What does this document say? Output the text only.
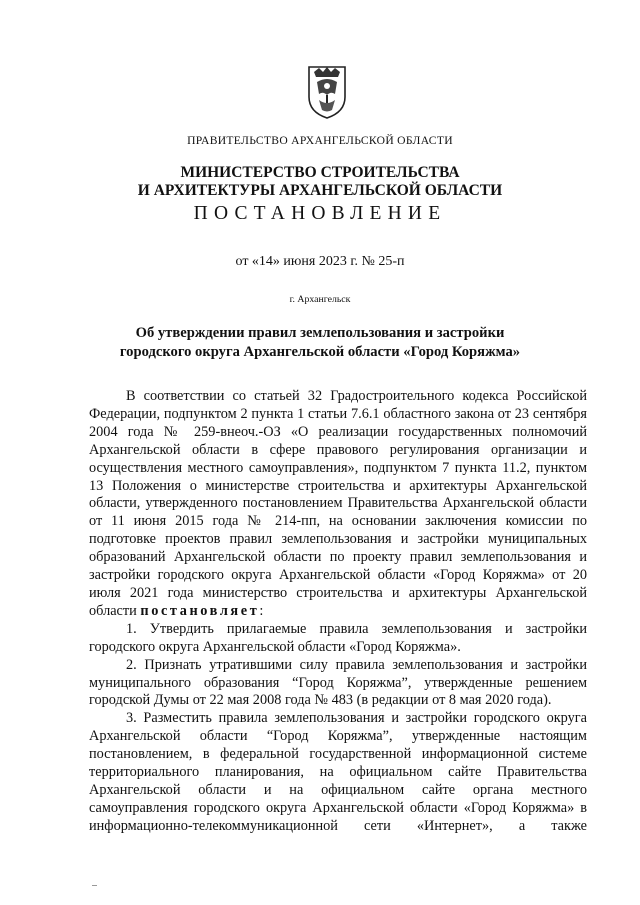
ПРАВИТЕЛЬСТВО АРХАНГЕЛЬСКОЙ ОБЛАСТИ
МИНИСТЕРСТВО СТРОИТЕЛЬСТВА
И АРХИТЕКТУРЫ АРХАНГЕЛЬСКОЙ ОБЛАСТИ
ПОСТАНОВЛЕНИЕ
от «14» июня 2023 г. № 25-п
г. Архангельск
Об утверждении правил землепользования и застройки
городского округа Архангельской области «Город Коряжма»

В соответствии со статьей 32 Градостроительного кодекса Российской Федерации, подпунктом 2 пункта 1 статьи 7.6.1 областного закона от 23 сентября 2004 года № 259-внеоч.-ОЗ «О реализации государственных полномочий Архангельской области в сфере правового регулирования организации и осуществления местного самоуправления», подпунктом 7 пункта 11.2, пунктом 13 Положения о министерстве строительства и архитектуры Архангельской области, утвержденного постановлением Правительства Архангельской области от 11 июня 2015 года № 214-пп, на основании заключения комиссии по подготовке проектов правил землепользования и застройки муниципальных образований Архангельской области по проекту правил землепользования и застройки городского округа Архангельской области «Город Коряжма» от 20 июля 2021 года министерство строительства и архитектуры Архангельской области постановляет:

1. Утвердить прилагаемые правила землепользования и застройки городского округа Архангельской области «Город Коряжма».

2. Признать утратившими силу правила землепользования и застройки муниципального образования “Город Коряжма”, утвержденные решением городской Думы от 22 мая 2008 года № 483 (в редакции от 8 мая 2020 года).

3. Разместить правила землепользования и застройки городского округа Архангельской области “Город Коряжма”, утвержденные настоящим постановлением, в федеральной государственной информационной системе территориального планирования, на официальном сайте Правительства Архангельской области и на официальном сайте органа местного самоуправления городского округа Архангельской области «Город Коряжма» в информационно-телекоммуникационной сети «Интернет», а также
